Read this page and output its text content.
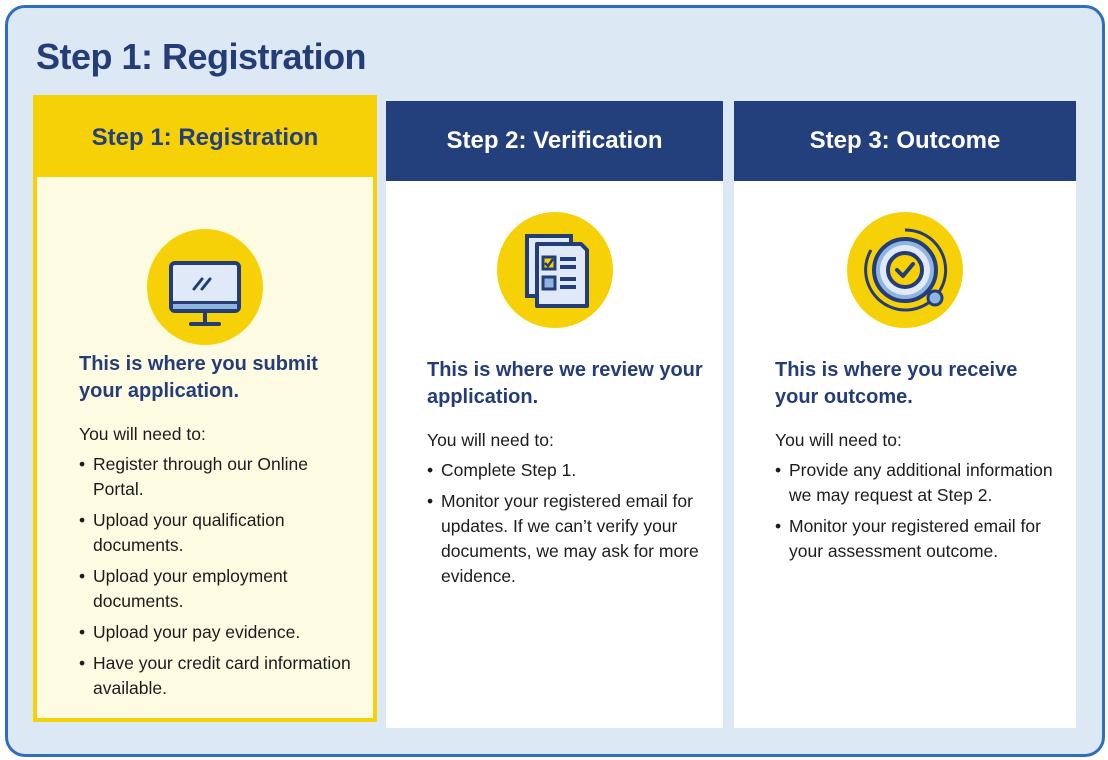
Step 1: Registration
Step 1: Registration

This is where you submit your application.

You will need to:

• Register through our Online Portal.
• Upload your qualification documents.
• Upload your employment documents.
• Upload your pay evidence.
• Have your credit card information available.
Step 2: Verification

This is where we review your application.

You will need to:

• Complete Step 1.
• Monitor your registered email for updates. If we can’t verify your documents, we may ask for more evidence.
Step 3: Outcome

This is where you receive your outcome.

You will need to:

• Provide any additional information we may request at Step 2.
• Monitor your registered email for your assessment outcome.
